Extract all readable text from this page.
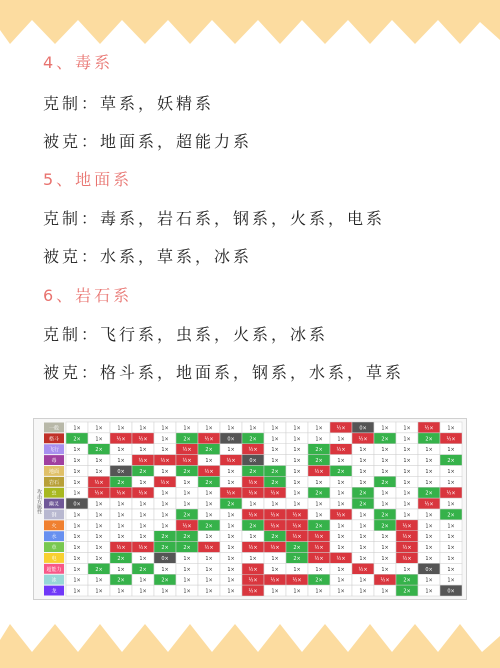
4、毒系
克制：草系，妖精系
被克：地面系，超能力系
5、地面系
克制：毒系，岩石系，钢系，火系，电系
被克：水系，草系，冰系
6、岩石系
克制：飞行系，虫系，火系，冰系
被克：格斗系，地面系，钢系，水系，草系
攻击方属性
一般	1×	1×	1×	1×	1×	1×	1×	1×	1×	1×	1×	1×	½×	0×	1×	1×	½×	1×
格斗	2×	1×	½×	½×	1×	2×	½×	0×	2×	1×	1×	1×	1×	½×	2×	1×	2×	½×
飞行	1×	2×	1×	1×	1×	½×	2×	1×	½×	1×	1×	2×	½×	1×	1×	1×	1×	1×
毒	1×	1×	1×	½×	½×	½×	1×	½×	0×	1×	1×	2×	1×	1×	1×	1×	1×	2×
地面	1×	1×	0×	2×	1×	2×	½×	1×	2×	2×	1×	½×	2×	1×	1×	1×	1×	1×
岩石	1×	½×	2×	1×	½×	1×	2×	1×	½×	2×	1×	1×	1×	1×	2×	1×	1×	1×
虫	1×	½×	½×	½×	1×	1×	1×	½×	½×	½×	1×	2×	1×	2×	1×	1×	2×	½×
幽灵	0×	1×	1×	1×	1×	1×	1×	2×	1×	1×	1×	1×	1×	2×	1×	1×	½×	1×
钢	1×	1×	1×	1×	1×	2×	1×	1×	½×	½×	½×	1×	½×	1×	2×	1×	1×	2×
火	1×	1×	1×	1×	1×	½×	2×	1×	2×	½×	½×	2×	1×	1×	2×	½×	1×	1×
水	1×	1×	1×	1×	2×	2×	1×	1×	1×	2×	½×	½×	1×	1×	1×	½×	1×	1×
草	1×	1×	½×	½×	2×	2×	½×	1×	½×	½×	2×	½×	1×	1×	1×	½×	1×	1×
电	1×	1×	2×	1×	0×	1×	1×	1×	1×	1×	2×	½×	½×	1×	1×	½×	1×	1×
超能力 1×	2×	1×	2×	1×	1×	1×	1×	½×	1×	1×	1×	1×	½×	1×	1×	0×	1×
冰	1×	1×	2×	1×	2×	1×	1×	1×	½×	½×	½×	2×	1×	1×	½×	2×	1×	1×
龙	1×	1×	1×	1×	1×	1×	1×	1×	½×	1×	1×	1×	1×	1×	1×	2×	1×	0×
